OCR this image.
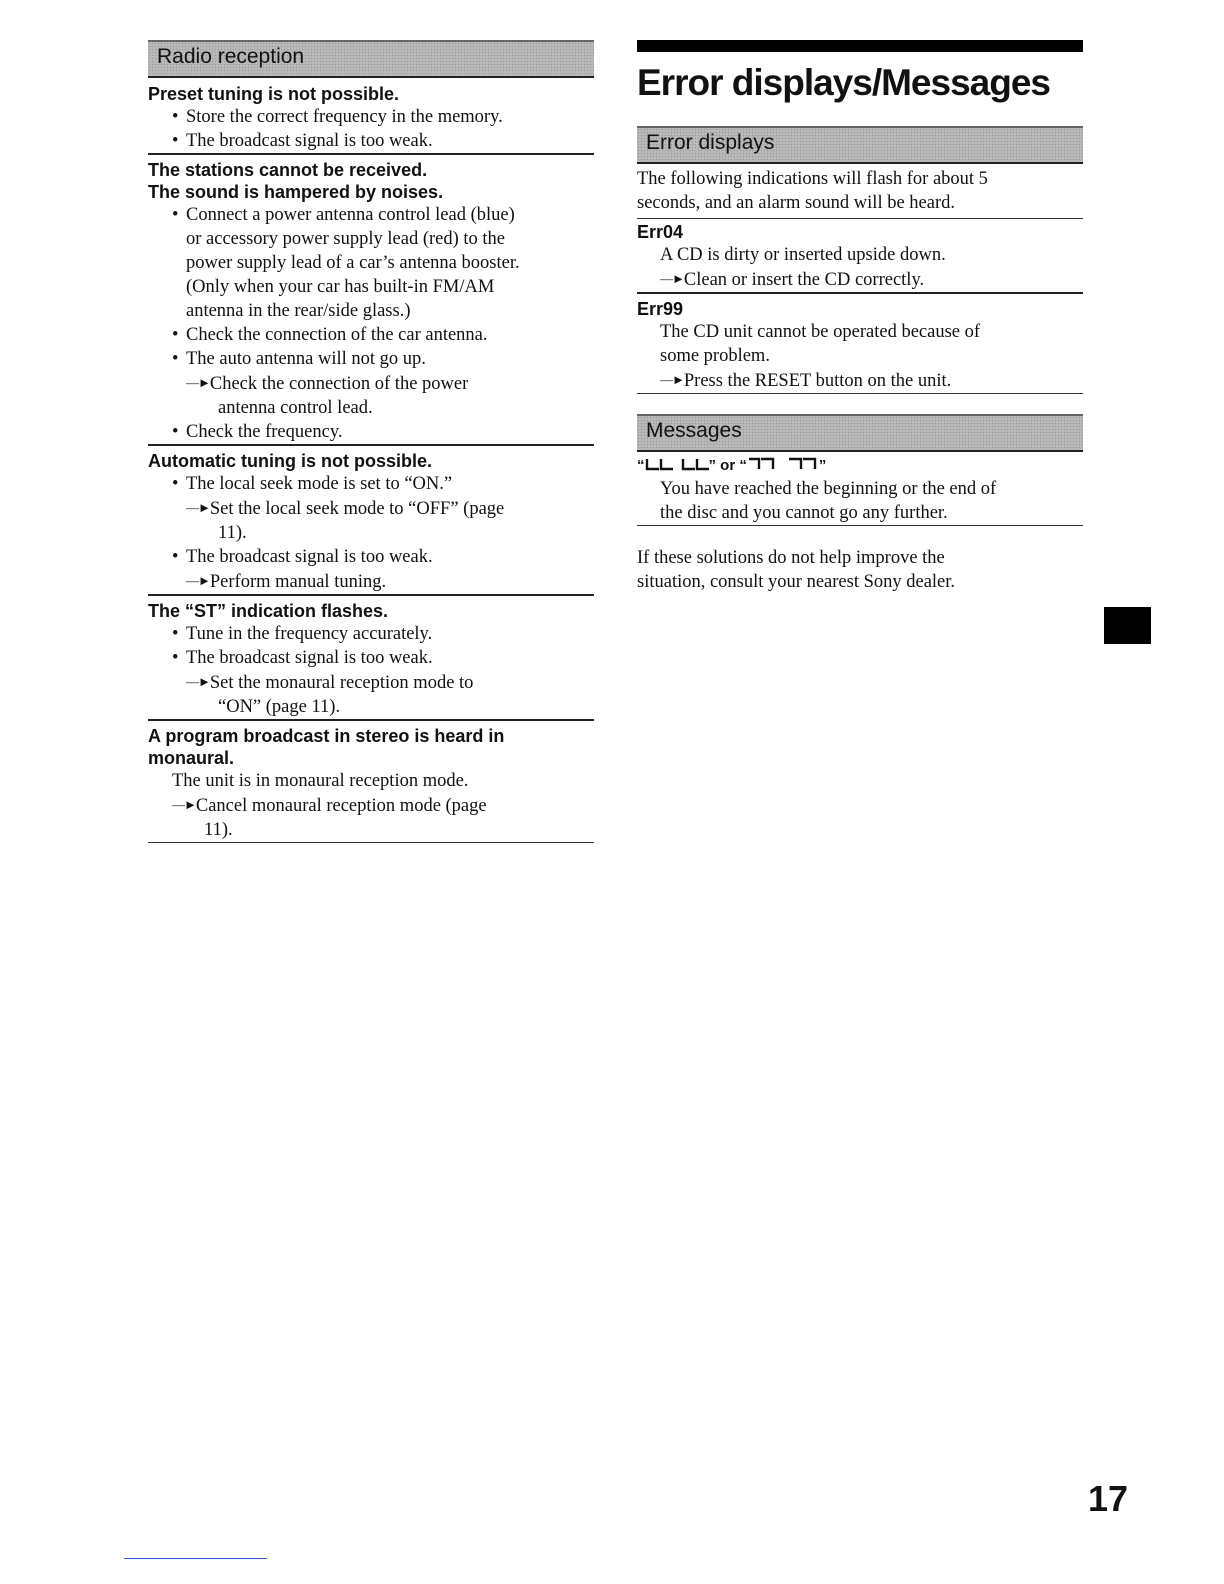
Radio reception
Preset tuning is not possible.
• Store the correct frequency in the memory.
• The broadcast signal is too weak.
The stations cannot be received.
The sound is hampered by noises.
• Connect a power antenna control lead (blue)
or accessory power supply lead (red) to the
power supply lead of a car’s antenna booster.
(Only when your car has built-in FM/AM
antenna in the rear/side glass.)
• Check the connection of the car antenna.
• The auto antenna will not go up.
—►Check the connection of the power
antenna control lead.
• Check the frequency.
Automatic tuning is not possible.
• The local seek mode is set to “ON.”
—►Set the local seek mode to “OFF” (page
11).
• The broadcast signal is too weak.
—►Perform manual tuning.
The “ST” indication flashes.
• Tune in the frequency accurately.
• The broadcast signal is too weak.
—►Set the monaural reception mode to
“ON” (page 11).
A program broadcast in stereo is heard in
monaural.
The unit is in monaural reception mode.
—►Cancel monaural reception mode (page
11).
Error displays/Messages
Error displays
The following indications will flash for about 5
seconds, and an alarm sound will be heard.
Err04
A CD is dirty or inserted upside down.
—►Clean or insert the CD correctly.
Err99
The CD unit cannot be operated because of
some problem.
—►Press the RESET button on the unit.
Messages
“	” or “	”
You have reached the beginning or the end of
the disc and you cannot go any further.
If these solutions do not help improve the
situation, consult your nearest Sony dealer.
17
